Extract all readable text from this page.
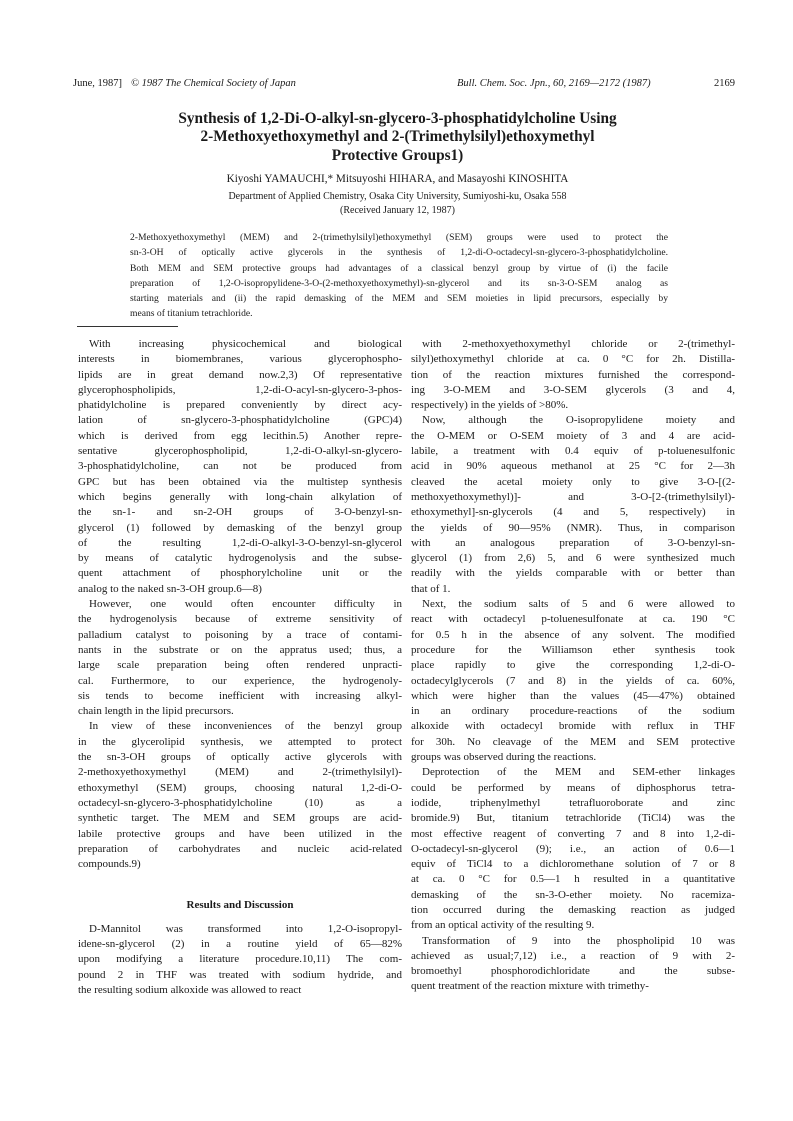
June, 1987] © 1987 The Chemical Society of Japan	Bull. Chem. Soc. Jpn., 60, 2169—2172 (1987)	2169
Synthesis of 1,2-Di-O-alkyl-sn-glycero-3-phosphatidylcholine Using
2-Methoxyethoxymethyl and 2-(Trimethylsilyl)ethoxymethyl
Protective Groups1)
Kiyoshi YAMAUCHI,* Mitsuyoshi HIHARA, and Masayoshi KINOSHITA
Department of Applied Chemistry, Osaka City University, Sumiyoshi-ku, Osaka 558
(Received January 12, 1987)
2-Methoxyethoxymethyl (MEM) and 2-(trimethylsilyl)ethoxymethyl (SEM) groups were used to protect the
sn-3-OH of optically active glycerols in the synthesis of 1,2-di-O-octadecyl-sn-glycero-3-phosphatidylcholine.
Both MEM and SEM protective groups had advantages of a classical benzyl group by virtue of (i) the facile
preparation of 1,2-O-isopropylidene-3-O-(2-methoxyethoxymethyl)-sn-glycerol and its sn-3-O-SEM analog as
starting materials and (ii) the rapid demasking of the MEM and SEM moieties in lipid precursors, especially by
means of titanium tetrachloride.
With increasing physicochemical and biological
interests in biomembranes, various glycerophospho-
lipids are in great demand now.2,3) Of representative
glycerophospholipids, 1,2-di-O-acyl-sn-glycero-3-phos-
phatidylcholine is prepared conveniently by direct acy-
lation of sn-glycero-3-phosphatidylcholine (GPC)4)
which is derived from egg lecithin.5) Another repre-
sentative glycerophospholipid, 1,2-di-O-alkyl-sn-glycero-
3-phosphatidylcholine, can not be produced from
GPC but has been obtained via the multistep synthesis
which begins generally with long-chain alkylation of
the sn-1- and sn-2-OH groups of 3-O-benzyl-sn-
glycerol (1) followed by demasking of the benzyl group
of the resulting 1,2-di-O-alkyl-3-O-benzyl-sn-glycerol
by means of catalytic hydrogenolysis and the subse-
quent attachment of phosphorylcholine unit or the
analog to the naked sn-3-OH group.6—8)
However, one would often encounter difficulty in
the hydrogenolysis because of extreme sensitivity of
palladium catalyst to poisoning by a trace of contami-
nants in the substrate or on the appratus used; thus, a
large scale preparation being often rendered unpracti-
cal. Furthermore, to our experience, the hydrogenoly-
sis tends to become inefficient with increasing alkyl-
chain length in the lipid precursors.
In view of these inconveniences of the benzyl group
in the glycerolipid synthesis, we attempted to protect
the sn-3-OH groups of optically active glycerols with
2-methoxyethoxymethyl (MEM) and 2-(trimethylsilyl)-
ethoxymethyl (SEM) groups, choosing natural 1,2-di-O-
octadecyl-sn-glycero-3-phosphatidylcholine (10) as a
synthetic target. The MEM and SEM groups are acid-
labile protective groups and have been utilized in the
preparation of carbohydrates and nucleic acid-related
compounds.9)
Results and Discussion
D-Mannitol was transformed into 1,2-O-isopropyl-
idene-sn-glycerol (2) in a routine yield of 65—82%
upon modifying a literature procedure.10,11) The com-
pound 2 in THF was treated with sodium hydride, and
the resulting sodium alkoxide was allowed to react
with 2-methoxyethoxymethyl chloride or 2-(trimethyl-
silyl)ethoxymethyl chloride at ca. 0 °C for 2h. Distilla-
tion of the reaction mixtures furnished the correspond-
ing 3-O-MEM and 3-O-SEM glycerols (3 and 4,
respectively) in the yields of >80%.
Now, although the O-isopropylidene moiety and
the O-MEM or O-SEM moiety of 3 and 4 are acid-
labile, a treatment with 0.4 equiv of p-toluenesulfonic
acid in 90% aqueous methanol at 25 °C for 2—3h
cleaved the acetal moiety only to give 3-O-[(2-
methoxyethoxymethyl)]- and 3-O-[2-(trimethylsilyl)-
ethoxymethyl]-sn-glycerols (4 and 5, respectively) in
the yields of 90—95% (NMR). Thus, in comparison
with an analogous preparation of 3-O-benzyl-sn-
glycerol (1) from 2,6) 5, and 6 were synthesized much
readily with the yields comparable with or better than
that of 1.
Next, the sodium salts of 5 and 6 were allowed to
react with octadecyl p-toluenesulfonate at ca. 190 °C
for 0.5 h in the absence of any solvent. The modified
procedure for the Williamson ether synthesis took
place rapidly to give the corresponding 1,2-di-O-
octadecylglycerols (7 and 8) in the yields of ca. 60%,
which were higher than the values (45—47%) obtained
in an ordinary procedure-reactions of the sodium
alkoxide with octadecyl bromide with reflux in THF
for 30h. No cleavage of the MEM and SEM protective
groups was observed during the reactions.
Deprotection of the MEM and SEM-ether linkages
could be performed by means of diphosphorus tetra-
iodide, triphenylmethyl tetrafluoroborate and zinc
bromide.9) But, titanium tetrachloride (TiCl4) was the
most effective reagent of converting 7 and 8 into 1,2-di-
O-octadecyl-sn-glycerol (9); i.e., an action of 0.6—1
equiv of TiCl4 to a dichloromethane solution of 7 or 8
at ca. 0 °C for 0.5—1 h resulted in a quantitative
demasking of the sn-3-O-ether moiety. No racemiza-
tion occurred during the demasking reaction as judged
from an optical activity of the resulting 9.
Transformation of 9 into the phospholipid 10 was
achieved as usual;7,12) i.e., a reaction of 9 with 2-
bromoethyl phosphorodichloridate and the subse-
quent treatment of the reaction mixture with trimethy-
